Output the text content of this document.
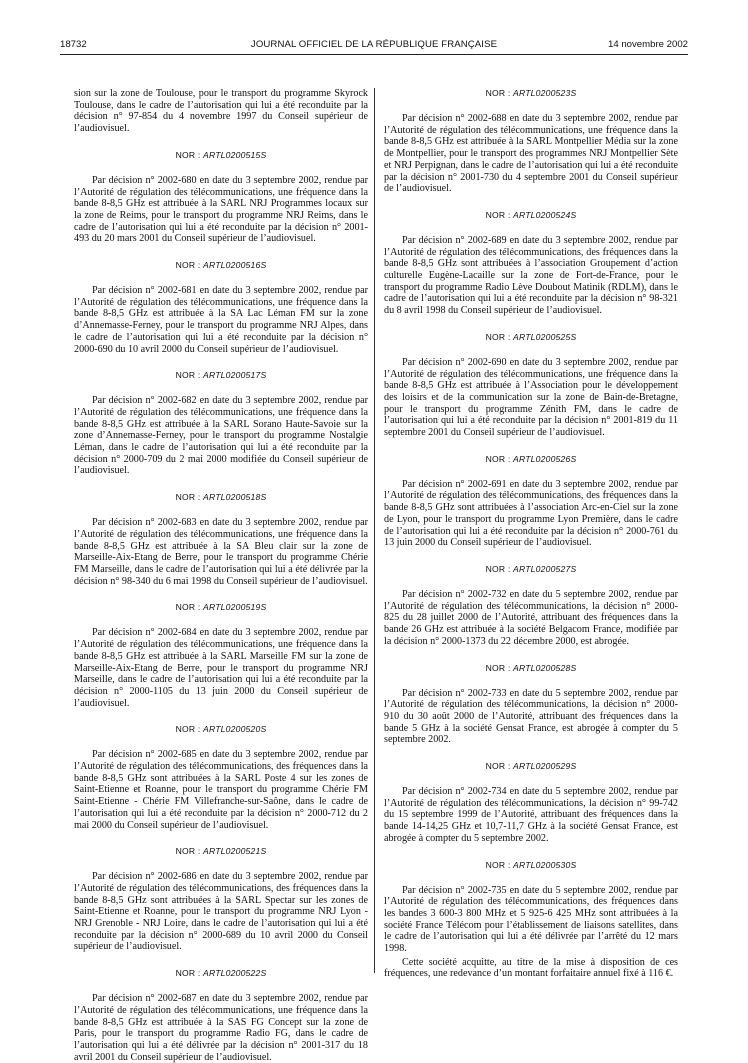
18732	JOURNAL OFFICIEL DE LA RÉPUBLIQUE FRANÇAISE	14 novembre 2002

sion sur la zone de Toulouse, pour le transport du programme Skyrock Toulouse, dans le cadre de l’autorisation qui lui a été reconduite par la décision n° 97-854 du 4 novembre 1997 du Conseil supérieur de l’audiovisuel.

NOR : ARTL0200515S

Par décision n° 2002-680 en date du 3 septembre 2002, rendue par l’Autorité de régulation des télécommunications, une fréquence dans la bande 8-8,5 GHz est attribuée à la SARL NRJ Programmes locaux sur la zone de Reims, pour le transport du programme NRJ Reims, dans le cadre de l’autorisation qui lui a été reconduite par la décision n° 2001-493 du 20 mars 2001 du Conseil supérieur de l’audiovisuel.

NOR : ARTL0200516S

Par décision n° 2002-681 en date du 3 septembre 2002, rendue par l’Autorité de régulation des télécommunications, une fréquence dans la bande 8-8,5 GHz est attribuée à la SA Lac Léman FM sur la zone d’Annemasse-Ferney, pour le transport du programme NRJ Alpes, dans le cadre de l’autorisation qui lui a été reconduite par la décision n° 2000-690 du 10 avril 2000 du Conseil supérieur de l’audiovisuel.

NOR : ARTL0200517S

Par décision n° 2002-682 en date du 3 septembre 2002, rendue par l’Autorité de régulation des télécommunications, une fréquence dans la bande 8-8,5 GHz est attribuée à la SARL Sorano Haute-Savoie sur la zone d’Annemasse-Ferney, pour le transport du programme Nostalgie Léman, dans le cadre de l’autorisation qui lui a été reconduite par la décision n° 2000-709 du 2 mai 2000 modifiée du Conseil supérieur de l’audiovisuel.

NOR : ARTL0200518S

Par décision n° 2002-683 en date du 3 septembre 2002, rendue par l’Autorité de régulation des télécommunications, une fréquence dans la bande 8-8,5 GHz est attribuée à la SA Bleu clair sur la zone de Marseille-Aix-Etang de Berre, pour le transport du programme Chérie FM Marseille, dans le cadre de l’autorisation qui lui a été délivrée par la décision n° 98-340 du 6 mai 1998 du Conseil supérieur de l’audiovisuel.

NOR : ARTL0200519S

Par décision n° 2002-684 en date du 3 septembre 2002, rendue par l’Autorité de régulation des télécommunications, une fréquence dans la bande 8-8,5 GHz est attribuée à la SARL Marseille FM sur la zone de Marseille-Aix-Etang de Berre, pour le transport du programme NRJ Marseille, dans le cadre de l’autorisation qui lui a été reconduite par la décision n° 2000-1105 du 13 juin 2000 du Conseil supérieur de l’audiovisuel.

NOR : ARTL0200520S

Par décision n° 2002-685 en date du 3 septembre 2002, rendue par l’Autorité de régulation des télécommunications, des fréquences dans la bande 8-8,5 GHz sont attribuées à la SARL Poste 4 sur les zones de Saint-Etienne et Roanne, pour le transport du programme Chérie FM Saint-Etienne - Chérie FM Villefranche-sur-Saône, dans le cadre de l’autorisation qui lui a été reconduite par la décision n° 2000-712 du 2 mai 2000 du Conseil supérieur de l’audiovisuel.

NOR : ARTL0200521S

Par décision n° 2002-686 en date du 3 septembre 2002, rendue par l’Autorité de régulation des télécommunications, des fréquences dans la bande 8-8,5 GHz sont attribuées à la SARL Spectar sur les zones de Saint-Etienne et Roanne, pour le transport du programme NRJ Lyon - NRJ Grenoble - NRJ Loire, dans le cadre de l’autorisation qui lui a été reconduite par la décision n° 2000-689 du 10 avril 2000 du Conseil supérieur de l’audiovisuel.

NOR : ARTL0200522S

Par décision n° 2002-687 en date du 3 septembre 2002, rendue par l’Autorité de régulation des télécommunications, une fréquence dans la bande 8-8,5 GHz est attribuée à la SAS FG Concept sur la zone de Paris, pour le transport du programme Radio FG, dans le cadre de l’autorisation qui lui a été délivrée par la décision n° 2001-317 du 18 avril 2001 du Conseil supérieur de l’audiovisuel.

NOR : ARTL0200523S

Par décision n° 2002-688 en date du 3 septembre 2002, rendue par l’Autorité de régulation des télécommunications, une fréquence dans la bande 8-8,5 GHz est attribuée à la SARL Montpellier Média sur la zone de Montpellier, pour le transport des programmes NRJ Montpellier Sète et NRJ Perpignan, dans le cadre de l’autorisation qui lui a été reconduite par la décision n° 2001-730 du 4 septembre 2001 du Conseil supérieur de l’audiovisuel.

NOR : ARTL0200524S

Par décision n° 2002-689 en date du 3 septembre 2002, rendue par l’Autorité de régulation des télécommunications, des fréquences dans la bande 8-8,5 GHz sont attribuées à l’association Groupement d’action culturelle Eugène-Lacaille sur la zone de Fort-de-France, pour le transport du programme Radio Lève Doubout Matinik (RDLM), dans le cadre de l’autorisation qui lui a été reconduite par la décision n° 98-321 du 8 avril 1998 du Conseil supérieur de l’audiovisuel.

NOR : ARTL0200525S

Par décision n° 2002-690 en date du 3 septembre 2002, rendue par l’Autorité de régulation des télécommunications, une fréquence dans la bande 8-8,5 GHz est attribuée à l’Association pour le développement des loisirs et de la communication sur la zone de Bain-de-Bretagne, pour le transport du programme Zénith FM, dans le cadre de l’autorisation qui lui a été reconduite par la décision n° 2001-819 du 11 septembre 2001 du Conseil supérieur de l’audiovisuel.

NOR : ARTL0200526S

Par décision n° 2002-691 en date du 3 septembre 2002, rendue par l’Autorité de régulation des télécommunications, des fréquences dans la bande 8-8,5 GHz sont attribuées à l’association Arc-en-Ciel sur la zone de Lyon, pour le transport du programme Lyon Première, dans le cadre de l’autorisation qui lui a été reconduite par la décision n° 2000-761 du 13 juin 2000 du Conseil supérieur de l’audiovisuel.

NOR : ARTL0200527S

Par décision n° 2002-732 en date du 5 septembre 2002, rendue par l’Autorité de régulation des télécommunications, la décision n° 2000-825 du 28 juillet 2000 de l’Autorité, attribuant des fréquences dans la bande 26 GHz est attribuée à la société Belgacom France, modifiée par la décision n° 2000-1373 du 22 décembre 2000, est abrogée.

NOR : ARTL0200528S

Par décision n° 2002-733 en date du 5 septembre 2002, rendue par l’Autorité de régulation des télécommunications, la décision n° 2000-910 du 30 août 2000 de l’Autorité, attribuant des fréquences dans la bande 5 GHz à la société Gensat France, est abrogée à compter du 5 septembre 2002.

NOR : ARTL0200529S

Par décision n° 2002-734 en date du 5 septembre 2002, rendue par l’Autorité de régulation des télécommunications, la décision n° 99-742 du 15 septembre 1999 de l’Autorité, attribuant des fréquences dans la bande 14-14,25 GHz et 10,7-11,7 GHz à la société Gensat France, est abrogée à compter du 5 septembre 2002.

NOR : ARTL0200530S

Par décision n° 2002-735 en date du 5 septembre 2002, rendue par l’Autorité de régulation des télécommunications, des fréquences dans les bandes 3 600-3 800 MHz et 5 925-6 425 MHz sont attribuées à la société France Télécom pour l’établissement de liaisons satellites, dans le cadre de l’autorisation qui lui a été délivrée par l’arrêté du 12 mars 1998.

Cette société acquitte, au titre de la mise à disposition de ces fréquences, une redevance d’un montant forfaitaire annuel fixé à 116 €.
